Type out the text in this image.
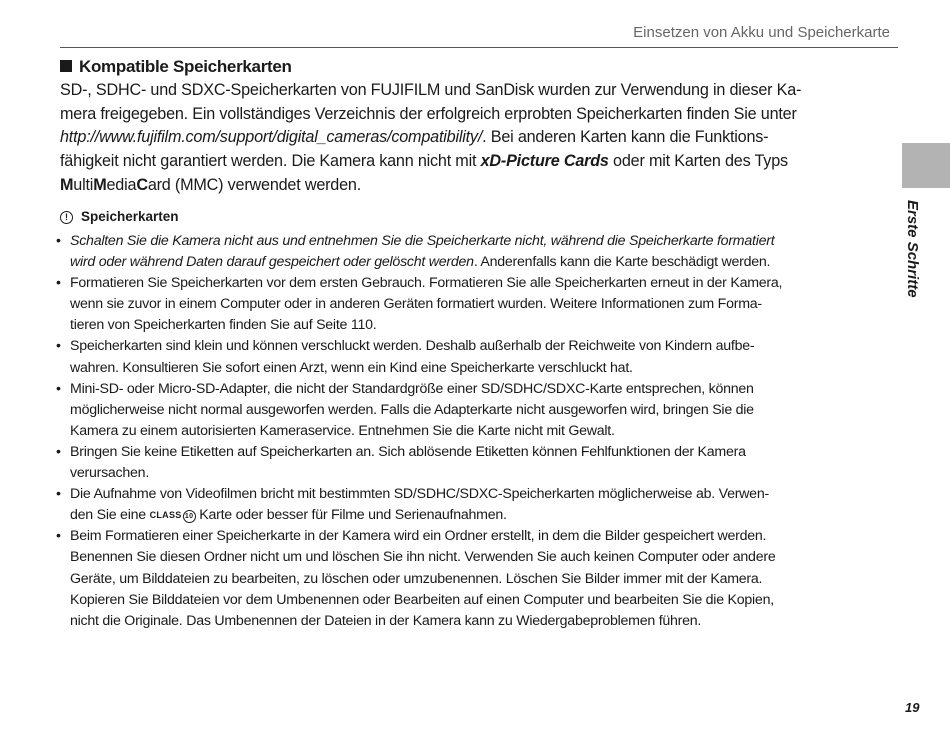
Einsetzen von Akku und Speicherkarte
Kompatible Speicherkarten

SD-, SDHC- und SDXC-Speicherkarten von FUJIFILM und SanDisk wurden zur Verwendung in dieser Ka-

mera freigegeben. Ein vollständiges Verzeichnis der erfolgreich erprobten Speicherkarten finden Sie unter

http://www.fujifilm.com/support/digital_cameras/compatibility/. Bei anderen Karten kann die Funktions-

fähigkeit nicht garantiert werden. Die Kamera kann nicht mit xD-Picture Cards oder mit Karten des Typs

MultiMediaCard (MMC) verwendet werden.

! Speicherkarten
• Schalten Sie die Kamera nicht aus und entnehmen Sie die Speicherkarte nicht, während die Speicherkarte formatiert
wird oder während Daten darauf gespeichert oder gelöscht werden. Anderenfalls kann die Karte beschädigt werden.
• Formatieren Sie Speicherkarten vor dem ersten Gebrauch. Formatieren Sie alle Speicherkarten erneut in der Kamera,
wenn sie zuvor in einem Computer oder in anderen Geräten formatiert wurden. Weitere Informationen zum Forma-
tieren von Speicherkarten finden Sie auf Seite 110.
• Speicherkarten sind klein und können verschluckt werden. Deshalb außerhalb der Reichweite von Kindern aufbe-
wahren. Konsultieren Sie sofort einen Arzt, wenn ein Kind eine Speicherkarte verschluckt hat.
• Mini-SD- oder Micro-SD-Adapter, die nicht der Standardgröße einer SD/SDHC/SDXC-Karte entsprechen, können
möglicherweise nicht normal ausgeworfen werden. Falls die Adapterkarte nicht ausgeworfen wird, bringen Sie die
Kamera zu einem autorisierten Kameraservice. Entnehmen Sie die Karte nicht mit Gewalt.
• Bringen Sie keine Etiketten auf Speicherkarten an. Sich ablösende Etiketten können Fehlfunktionen der Kamera
verursachen.
• Die Aufnahme von Videofilmen bricht mit bestimmten SD/SDHC/SDXC-Speicherkarten möglicherweise ab. Verwen-
den Sie eine CLASS 10 Karte oder besser für Filme und Serienaufnahmen.
• Beim Formatieren einer Speicherkarte in der Kamera wird ein Ordner erstellt, in dem die Bilder gespeichert werden.
Benennen Sie diesen Ordner nicht um und löschen Sie ihn nicht. Verwenden Sie auch keinen Computer oder andere
Geräte, um Bilddateien zu bearbeiten, zu löschen oder umzubenennen. Löschen Sie Bilder immer mit der Kamera.
Kopieren Sie Bilddateien vor dem Umbenennen oder Bearbeiten auf einen Computer und bearbeiten Sie die Kopien,
nicht die Originale. Das Umbenennen der Dateien in der Kamera kann zu Wiedergabeproblemen führen.
Erste Schritte
19
